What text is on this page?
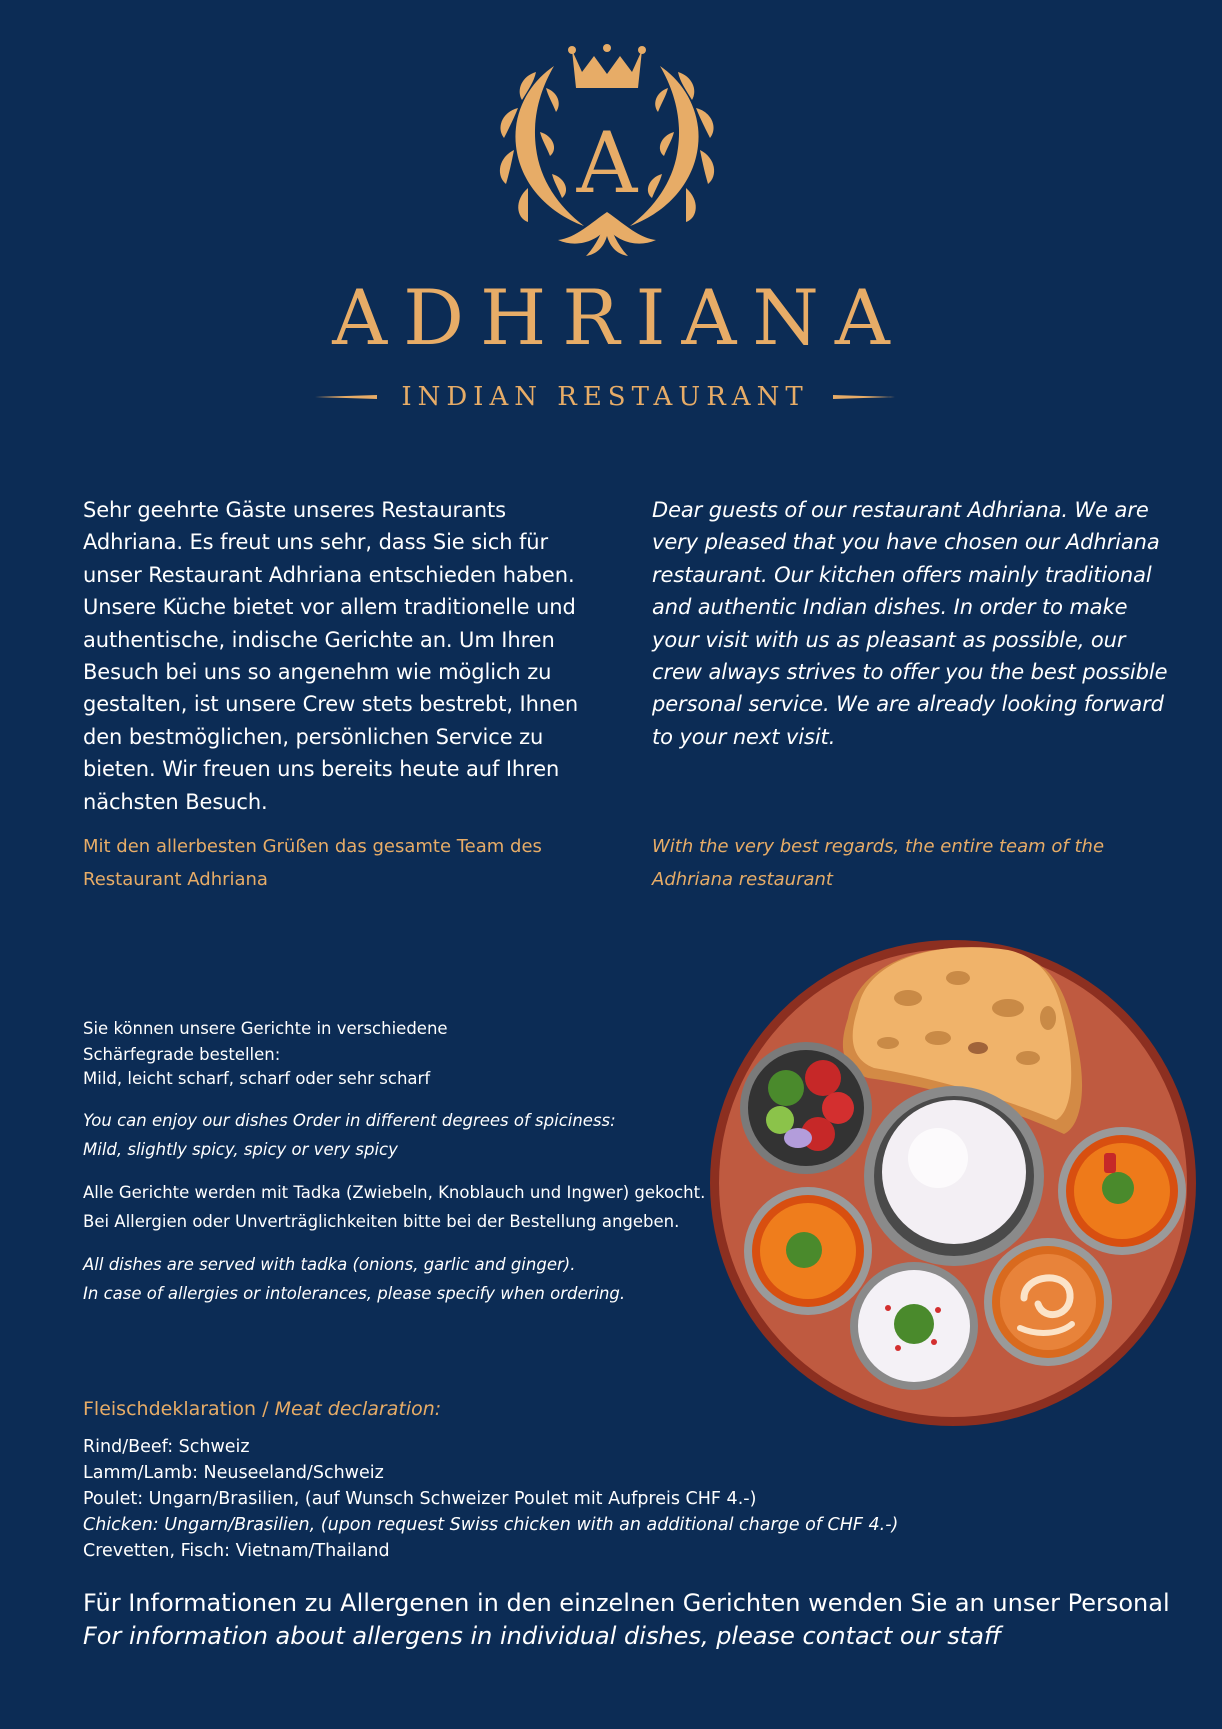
A
ADHRIANA
INDIAN RESTAURANT

Sehr geehrte Gäste unseres Restaurants Adhriana. Es freut uns sehr, dass Sie sich für unser Restaurant Adhriana entschieden haben. Unsere Küche bietet vor allem traditionelle und authentische, indische Gerichte an. Um Ihren Besuch bei uns so angenehm wie möglich zu gestalten, ist unsere Crew stets bestrebt, Ihnen den bestmöglichen, persönlichen Service zu bieten. Wir freuen uns bereits heute auf Ihren nächsten Besuch.

Mit den allerbesten Grüßen das gesamte Team des Restaurant Adhriana

Dear guests of our restaurant Adhriana. We are very pleased that you have chosen our Adhriana restaurant. Our kitchen offers mainly traditional and authentic Indian dishes. In order to make your visit with us as pleasant as possible, our crew always strives to offer you the best possible personal service. We are already looking forward to your next visit.

With the very best regards, the entire team of the Adhriana restaurant

Sie können unsere Gerichte in verschiedene

Schärfegrade bestellen:

Mild, leicht scharf, scharf oder sehr scharf

You can enjoy our dishes Order in different degrees of spiciness:

Mild, slightly spicy, spicy or very spicy

Alle Gerichte werden mit Tadka (Zwiebeln, Knoblauch und Ingwer) gekocht.

Bei Allergien oder Unverträglichkeiten bitte bei der Bestellung angeben.

All dishes are served with tadka (onions, garlic and ginger).

In case of allergies or intolerances, please specify when ordering.

Fleischdeklaration / Meat declaration:

Rind/Beef: Schweiz

Lamm/Lamb: Neuseeland/Schweiz

Poulet: Ungarn/Brasilien, (auf Wunsch Schweizer Poulet mit Aufpreis CHF 4.-)

Chicken: Ungarn/Brasilien, (upon request Swiss chicken with an additional charge of CHF 4.-)

Crevetten, Fisch: Vietnam/Thailand

Für Informationen zu Allergenen in den einzelnen Gerichten wenden Sie an unser Personal

For information about allergens in individual dishes, please contact our staff
